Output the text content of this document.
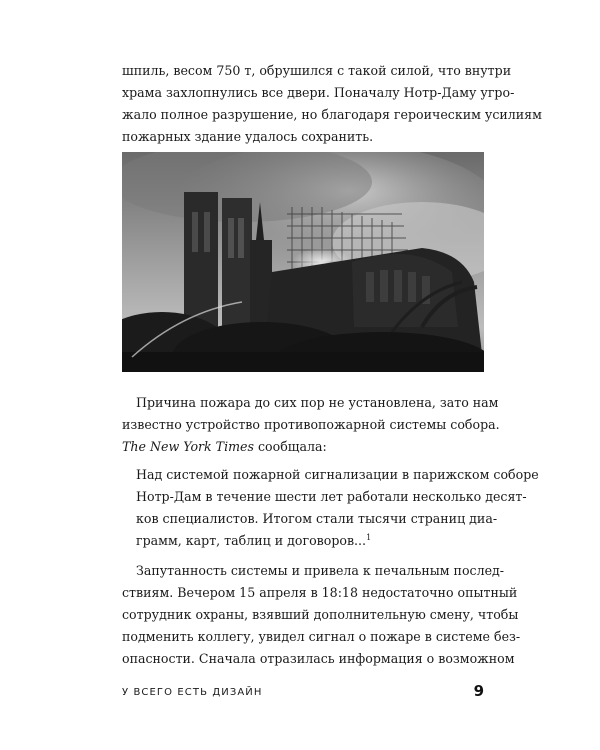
шпиль, весом 750 т, обрушился с такой силой, что внутри
храма захлопнулись все двери. Поначалу Нотр-Даму угро-
жало полное разрушение, но благодаря героическим усилиям
пожарных здание удалось сохранить.
Причина пожара до сих пор не установлена, зато нам
известно устройство противопожарной системы собора.
The New York Times сообщала:
Над системой пожарной сигнализации в парижском соборе
Нотр-Дам в течение шести лет работали несколько десят-
ков специалистов. Итогом стали тысячи страниц диа-
грамм, карт, таблиц и договоров...$^1$
Запутанность системы и привела к печальным послед-
ствиям. Вечером 15 апреля в 18:18 недостаточно опытный
сотрудник охраны, взявший дополнительную смену, чтобы
подменить коллегу, увидел сигнал о пожаре в системе без-
опасности. Сначала отразилась информация о возможном
У ВСЕГО ЕСТЬ ДИЗАЙН	9
